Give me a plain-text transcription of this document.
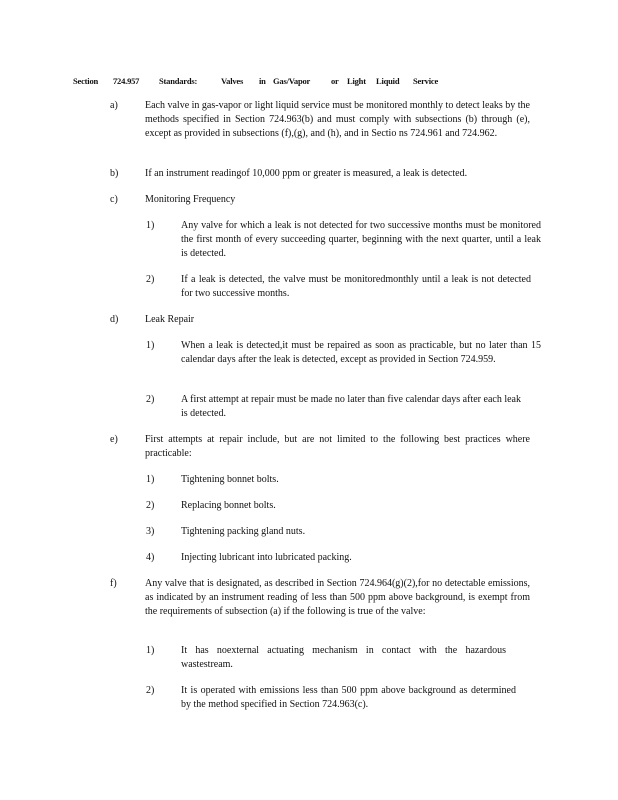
Section 724.957 Standards:	Valves in Gas/Vapor or Light Liquid Service
a)	Each valve in gas-vapor or light liquid service must be monitored monthly to detect leaks by the methods specified in Section 724.963(b) and must comply with subsections (b) through (e), except as provided in subsections (f),(g), and (h), and in Sectio ns 724.961 and 724.962.
b)	If an instrument readingof 10,000 ppm or greater is measured, a leak is detected.
c)	Monitoring Frequency
1)	Any valve for which a leak is not detected for two successive months must be monitored the first month of every succeeding quarter, beginning with the next quarter, until a leak is detected.
2)	If a leak is detected, the valve must be monitoredmonthly until a leak is not detected for two successive months.
d)	Leak Repair
1)	When a leak is detected,it must be repaired as soon as practicable, but no later than 15 calendar days after the leak is detected, except as provided in Section 724.959.
2)	A first attempt at repair must be made no later than five calendar days after each leak is detected.
e)	First attempts at repair include, but are not limited to the following best practices where practicable:
1)	Tightening bonnet bolts.
2)	Replacing bonnet bolts.
3)	Tightening packing gland nuts.
4)	Injecting lubricant into lubricated packing.
f)	Any valve that is designated, as described in Section 724.964(g)(2),for no detectable emissions, as indicated by an instrument reading of less than 500 ppm above background, is exempt from the requirements of subsection (a) if the following is true of the valve:
1)	It has noexternal actuating mechanism in contact with the hazardous wastestream.
2)	It is operated with emissions less than 500 ppm above background as determined by the method specified in Section 724.963(c).
